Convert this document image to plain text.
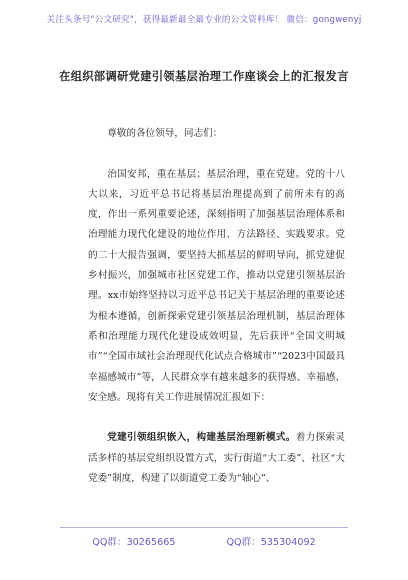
关注头条号"公文研究"，获得最新最全最专业的公文资料库！ 微信：gongwenyj
在组织部调研党建引领基层治理工作座谈会上的汇报发言

尊敬的各位领导，同志们：

治国安邦，重在基层；基层治理，重在党建。党的十八大以来，习近平总书记将基层治理提高到了前所未有的高度，作出一系列重要论述，深刻指明了加强基层治理体系和治理能力现代化建设的地位作用、方法路径、实践要求。党的二十大报告强调，要坚持大抓基层的鲜明导向，抓党建促乡村振兴，加强城市社区党建工作，推动以党建引领基层治理。xx市始终坚持以习近平总书记关于基层治理的重要论述为根本遵循，创新探索党建引领基层治理机制，基层治理体系和治理能力现代化建设成效明显，先后获评“全国文明城市”“全国市域社会治理现代化试点合格城市”“2023中国最具幸福感城市”等，人民群众享有越来越多的获得感、幸福感、安全感。现将有关工作进展情况汇报如下：

党建引领组织嵌入，构建基层治理新模式。着力探索灵活多样的基层党组织设置方式，实行街道“大工委”、社区“大党委”制度，构建了以街道党工委为“轴心”、

QQ群：30265665	QQ群：535304092
